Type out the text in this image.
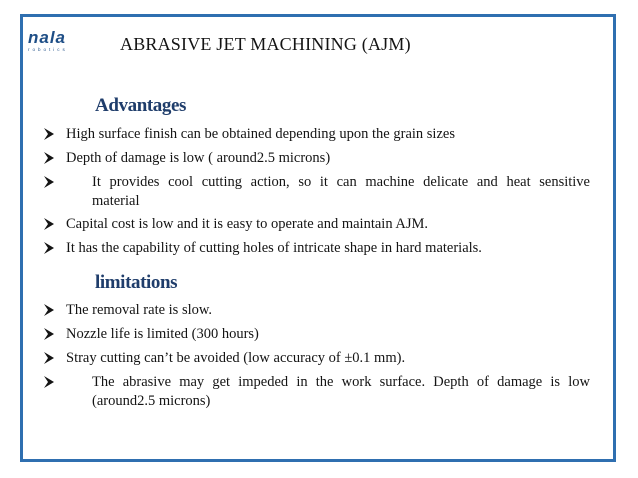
nala
robotics	ABRASIVE JET MACHINING (AJM)
Advantages
High surface finish can be obtained depending upon the grain sizes
Depth of damage is low ( around2.5 microns)
It provides cool cutting action, so it can machine delicate and heat sensitive
material
Capital cost is low and it is easy to operate and maintain AJM.
It has the capability of cutting holes of intricate shape in hard materials.
limitations
The removal rate is slow.
Nozzle life is limited (300 hours)
Stray cutting can’t be avoided (low accuracy of ±0.1 mm).
The abrasive may get impeded in the work surface. Depth of damage is low
(around2.5 microns)
